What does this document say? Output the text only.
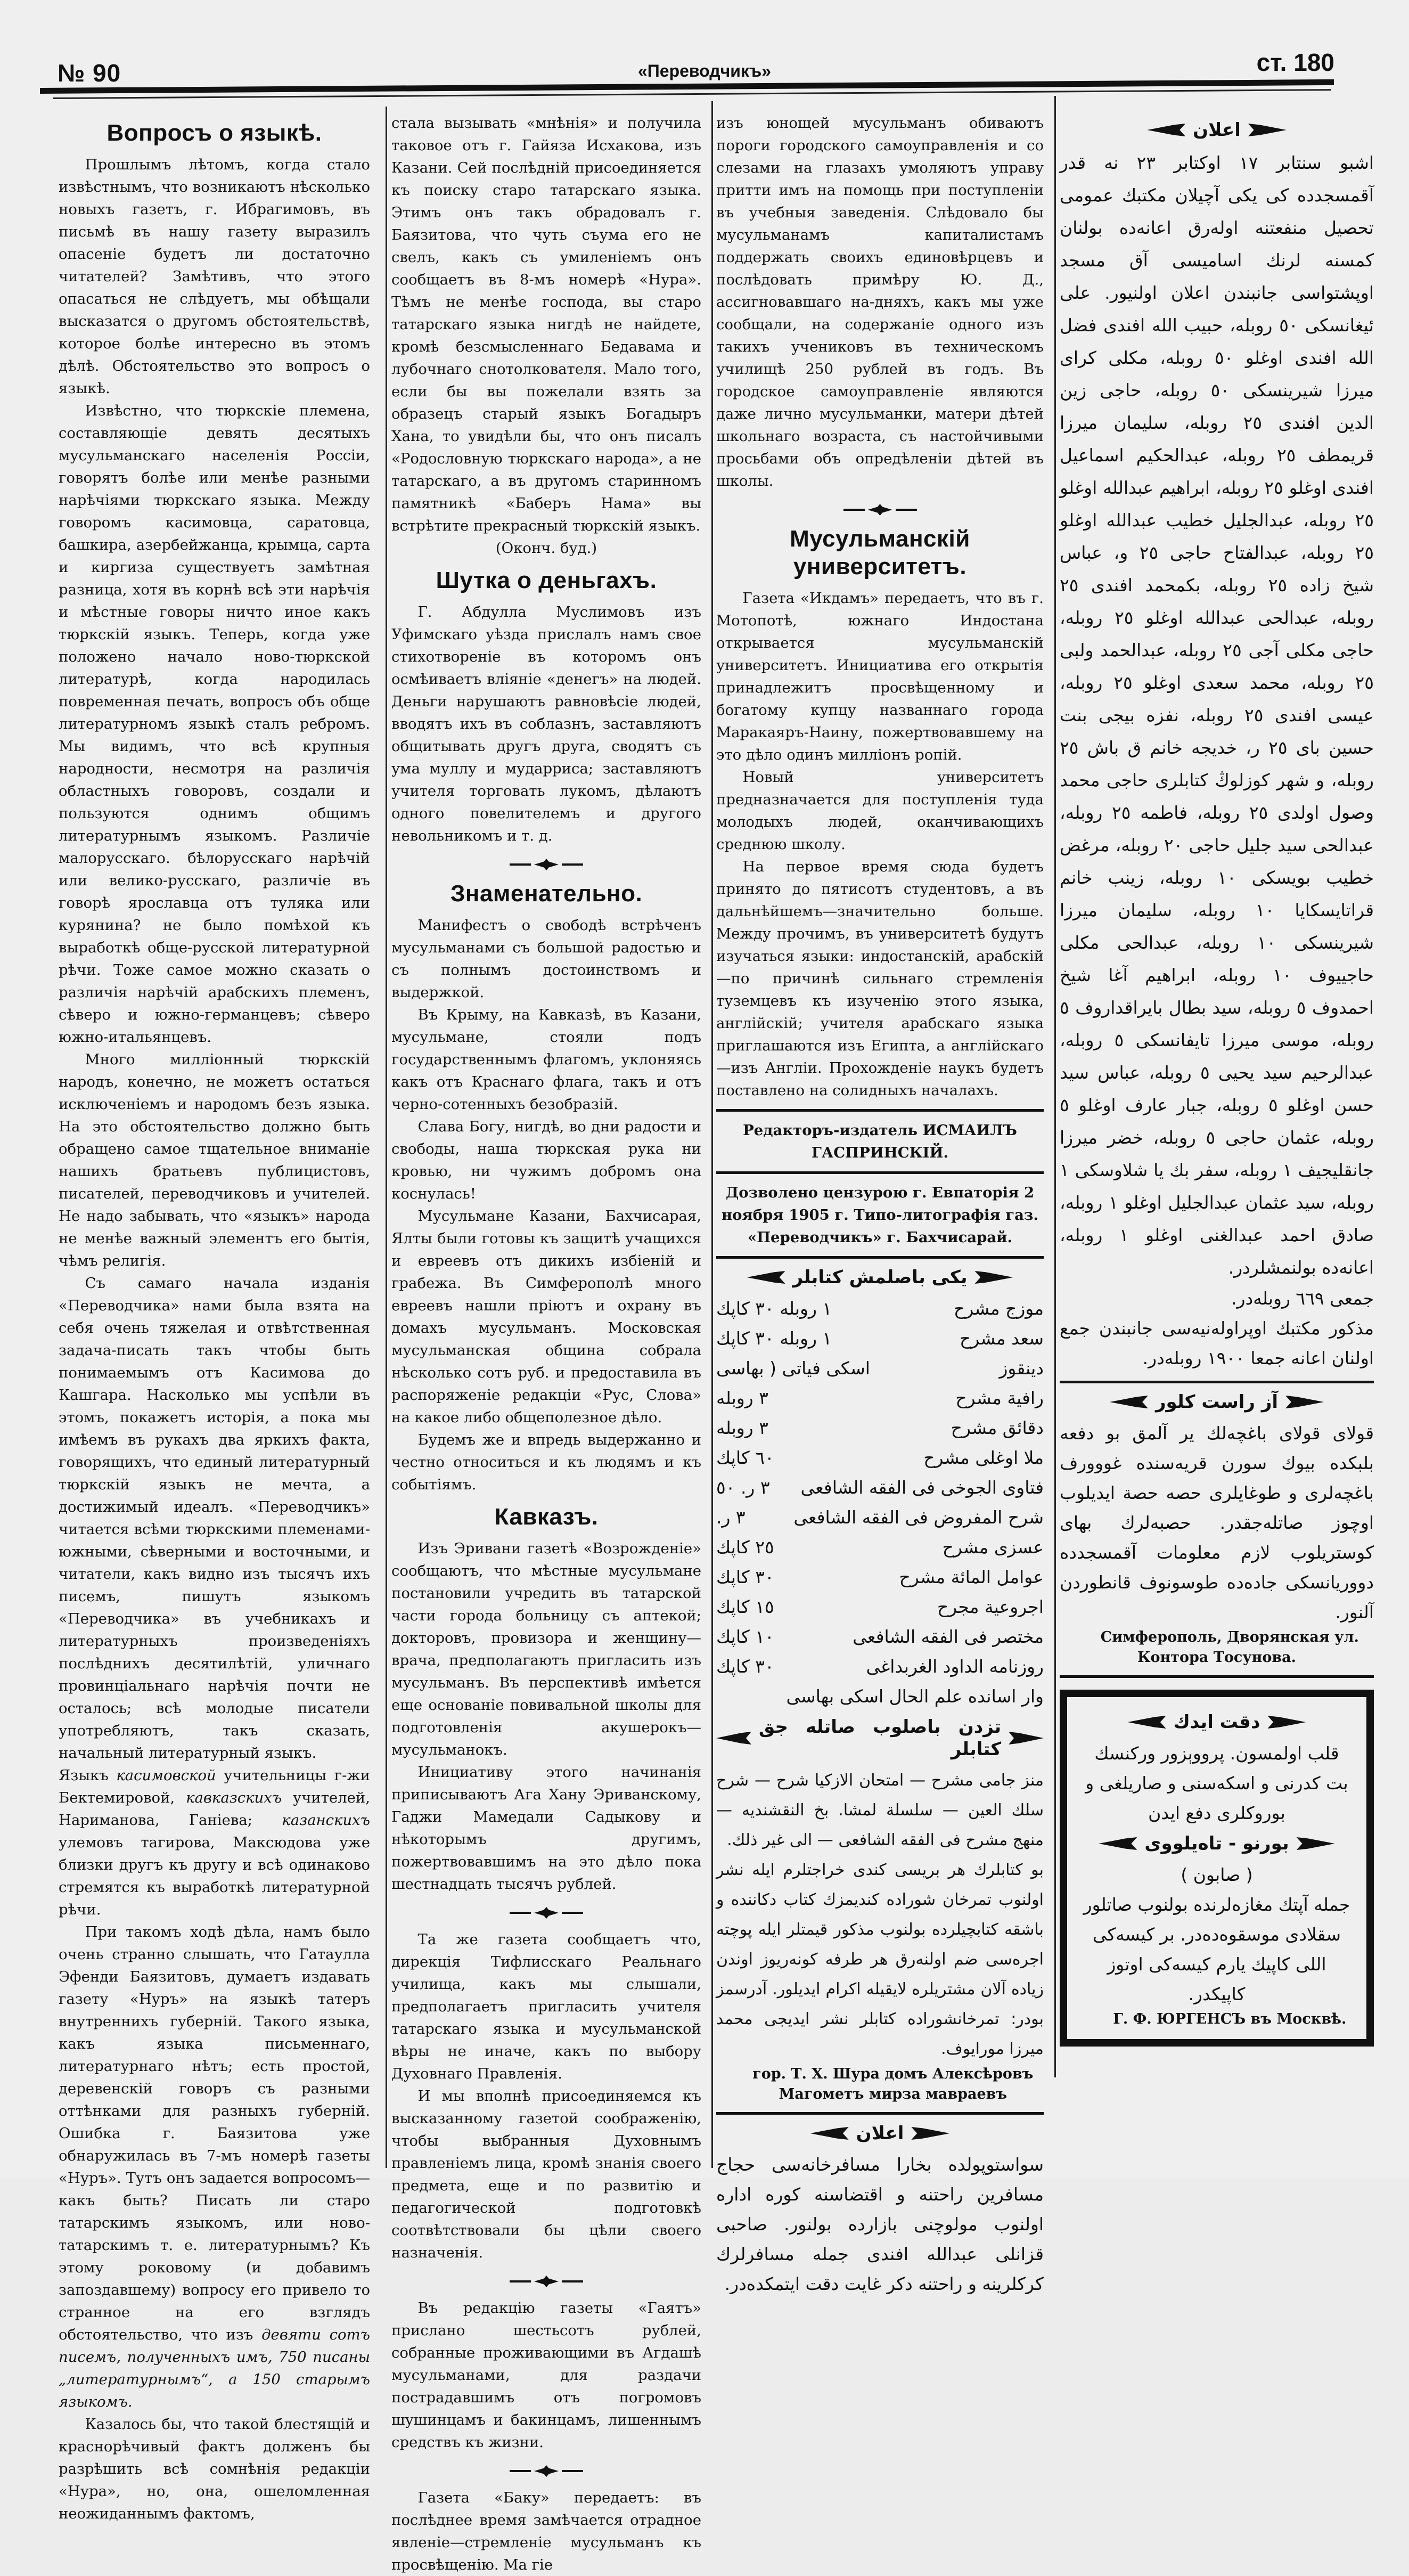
№ 90	«Переводчикъ»	ст. 180
Вопросъ о языкѣ.

Прошлымъ лѣтомъ, когда стало извѣстнымъ, что возникаютъ нѣсколько новыхъ газетъ, г. Ибрагимовъ, въ письмѣ въ нашу газету выразилъ опасеніе будетъ ли достаточно читателей? Замѣтивъ, что этого опасаться не слѣдуетъ, мы обѣщали высказатся о другомъ обстоятельствѣ, которое болѣе интересно въ этомъ дѣлѣ. Обстоятельство это вопросъ о языкѣ.

Извѣстно, что тюркскіе племена, составляющіе девять десятыхъ мусульманскаго населенія Россіи, говорятъ болѣе или менѣе разными нарѣчіями тюркскаго языка. Между говоромъ касимовца, саратовца, башкира, азербейжанца, крымца, сарта и киргиза существуетъ замѣтная разница, хотя въ корнѣ всѣ эти нарѣчія и мѣстные говоры ничто иное какъ тюркскій языкъ. Теперь, когда уже положено начало ново-тюркской литературѣ, когда народилась повременная печать, вопросъ объ обще литературномъ языкѣ сталъ ребромъ. Мы видимъ, что всѣ крупныя народности, несмотря на различія областныхъ говоровъ, создали и пользуются однимъ общимъ литературнымъ языкомъ. Различіе малорусскаго. бѣлорусскаго нарѣчій или велико-русскаго, различіе въ говорѣ ярославца отъ туляка или курянина? не было помѣхой къ выработкѣ обще-русской литературной рѣчи. Тоже самое можно сказать о различія нарѣчій арабскихъ племенъ, сѣверо и южно-германцевъ; сѣверо южно-итальянцевъ.

Много милліонный тюркскій народъ, конечно, не можетъ остаться исключеніемъ и народомъ безъ языка. На это обстоятельство должно быть обращено самое тщательное вниманіе нашихъ братьевъ публицистовъ, писателей, переводчиковъ и учителей. Не надо забывать, что «языкъ» народа не менѣе важный элементъ его бытія, чѣмъ религія.

Съ самаго начала изданія «Переводчика» нами была взята на себя очень тяжелая и отвѣтственная задача-писать такъ чтобы быть понимаемымъ отъ Касимова до Кашгара. Насколько мы успѣли въ этомъ, покажетъ исторія, а пока мы имѣемъ въ рукахъ два яркихъ факта, говорящихъ, что единый литературный тюркскій языкъ не мечта, а достижимый идеалъ. «Переводчикъ» читается всѣми тюркскими племенами-южными, сѣверными и восточными, и читатели, какъ видно изъ тысячъ ихъ писемъ, пишутъ языкомъ «Переводчика» въ учебникахъ и литературныхъ произведеніяхъ послѣднихъ десятилѣтій, уличнаго провинціальнаго нарѣчія почти не осталось; всѣ молодые писатели употребляютъ, такъ сказать, начальный литературный языкъ.

Языкъ касимовской учительницы г-жи Бектемировой, кавказскихъ учителей, Нариманова, Ганіева; казанскихъ улемовъ тагирова, Максюдова уже близки другъ къ другу и всѣ одинаково стремятся къ выработкѣ литературной рѣчи.

При такомъ ходѣ дѣла, намъ было очень странно слышать, что Гатаулла Эфенди Баязитовъ, думаетъ издавать газету «Нуръ» на языкѣ татеръ внутреннихъ губерній. Такого языка, какъ языка письменнаго, литературнаго нѣтъ; есть простой, деревенскій говоръ съ разными оттѣнками для разныхъ губерній. Ошибка г. Баязитова уже обнаружилась въ 7-мъ номерѣ газеты «Нуръ». Тутъ онъ задается вопросомъ—какъ быть? Писать ли старо татарскимъ языкомъ, или ново-татарскимъ т. е. литературнымъ? Къ этому роковому (и добавимъ запоздавшему) вопросу его привело то странное на его взглядъ обстоятельство, что изъ девяти сотъ писемъ, полученныхъ имъ, 750 писаны „литературнымъ“, а 150 старымъ языкомъ.

Казалось бы, что такой блестящій и краснорѣчивый фактъ долженъ бы разрѣшить всѣ сомнѣнія редакціи «Нура», но, она, ошеломленная неожиданнымъ фактомъ,

стала вызывать «мнѣнія» и получила таковое отъ г. Гайяза Исхакова, изъ Казани. Сей послѣдній присоединяется къ поиску старо татарскаго языка. Этимъ онъ такъ обрадовалъ г. Баязитова, что чуть съума его не свелъ, какъ съ умиленіемъ онъ сообщаетъ въ 8-мъ номерѣ «Нура». Тѣмъ не менѣе господа, вы старо татарскаго языка нигдѣ не найдете, кромѣ безсмысленнаго Бедавама и лубочнаго снотолкователя. Мало того, если бы вы пожелали взять за образецъ старый языкъ Богадыръ Хана, то увидѣли бы, что онъ писалъ «Родословную тюркскаго народа», а не татарскаго, а въ другомъ старинномъ памятникѣ «Баберъ Нама» вы встрѣтите прекрасный тюркскій языкъ.

(Оконч. буд.)

Шутка о деньгахъ.

Г. Абдулла Муслимовъ изъ Уфимскаго уѣзда прислалъ намъ свое стихотвореніе въ которомъ онъ осмѣиваетъ вліяніе «денегъ» на людей. Деньги нарушаютъ равновѣсіе людей, вводятъ ихъ въ соблазнъ, заставляютъ общитывать другъ друга, сводятъ съ ума муллу и мударриса; заставляютъ учителя торговать лукомъ, дѣлаютъ одного повелителемъ и другого невольникомъ и т. д.

Знаменательно.

Манифестъ о свободѣ встрѣченъ мусульманами съ большой радостью и съ полнымъ достоинствомъ и выдержкой.

Въ Крыму, на Кавказѣ, въ Казани, мусульмане, стояли подъ государственнымъ флагомъ, уклоняясь какъ отъ Краснаго флага, такъ и отъ черно-сотенныхъ безобразій.

Слава Богу, нигдѣ, во дни радости и свободы, наша тюркская рука ни кровью, ни чужимъ добромъ она коснулась!

Мусульмане Казани, Бахчисарая, Ялты были готовы къ защитѣ учащихся и евреевъ отъ дикихъ избіеній и грабежа. Въ Симферополѣ много евреевъ нашли пріютъ и охрану въ домахъ мусульманъ. Московская мусульманская община собрала нѣсколько сотъ руб. и предоставила въ распоряженіе редакціи «Рус, Слова» на какое либо общеполезное дѣло.

Будемъ же и впредь выдержанно и честно относиться и къ людямъ и къ событіямъ.

Кавказъ.

Изъ Эривани газетѣ «Возрожденіе» сообщаютъ, что мѣстные мусульмане постановили учредить въ татарской части города больницу съ аптекой; докторовъ, провизора и женщину—врача, предполагаютъ пригласить изъ мусульманъ. Въ перспективѣ имѣется еще основаніе повивальной школы для подготовленія акушерокъ—мусульманокъ.

Инициативу этого начинанія приписываютъ Ага Хану Эриванскому, Гаджи Мамедали Садыкову и нѣкоторымъ другимъ, пожертвовавшимъ на это дѣло пока шестнадцать тысячъ рублей.

Та же газета сообщаетъ что, дирекція Тифлисскаго Реальнаго училища, какъ мы слышали, предполагаетъ пригласить учителя татарскаго языка и мусульманской вѣры не иначе, какъ по выбору Духовнаго Правленія.

И мы вполнѣ присоединяемся къ высказанному газетой соображенію, чтобы выбранныя Духовнымъ правленіемъ лица, кромѣ знанія своего предмета, еще и по развитію и педагогической подготовкѣ соотвѣтствовали бы цѣли своего назначенія.

Въ редакцію газеты «Гаятъ» прислано шестьсотъ рублей, собранные проживающими въ Агдашѣ мусульманами, для раздачи пострадавшимъ отъ погромовъ шушинцамъ и бакинцамъ, лишеннымъ средствъ къ жизни.

Газета «Баку» передаетъ: въ послѣднее время замѣчается отрадное явленіе—стремленіе мусульманъ къ просвѣщенію. Ма гіе

изъ юнощей мусульманъ обиваютъ пороги городского самоуправленія и со слезами на глазахъ умоляютъ управу притти имъ на помощь при поступленіи въ учебныя заведенія. Слѣдовало бы мусульманамъ капиталистамъ поддержать своихъ единовѣрцевъ и послѣдовать примѣру Ю. Д., ассигновавшаго на-дняхъ, какъ мы уже сообщали, на содержаніе одного изъ такихъ учениковъ въ техническомъ училищѣ 250 рублей въ годъ. Въ городское самоуправленіе являются даже лично мусульманки, матери дѣтей школьнаго возраста, съ настойчивыми просьбами объ опредѣленіи дѣтей въ школы.

Мусульманскій университетъ.

Газета «Икдамъ» передаетъ, что въ г. Мотопотѣ, южнаго Индостана открывается мусульманскій университетъ. Инициатива его открытія принадлежитъ просвѣщенному и богатому купцу названнаго города Маракаяръ-Наину, пожертвовавшему на это дѣло одинъ милліонъ ропій.

Новый университетъ предназначается для поступленія туда молодыхъ людей, оканчивающихъ среднюю школу.

На первое время сюда будетъ принято до пятисотъ студентовъ, а въ дальнѣйшемъ—значительно больше. Между прочимъ, въ университетѣ будутъ изучаться языки: индостанскій, арабскій—по причинѣ сильнаго стремленія туземцевъ къ изученію этого языка, англійскій; учителя арабскаго языка приглашаются изъ Египта, а англійскаго—изъ Англіи. Прохожденіе наукъ будетъ поставлено на солидныхъ началахъ.

Редакторъ-издатель ИСМАИЛЪ ГАСПРИНСКІЙ.

Дозволено цензурою г. Евпаторія 2 ноября 1905 г. Типо-литографія газ. «Переводчикъ» г. Бахчисарай.

يكى باصلمش كتابلر
موزج مشرح
١ روبله ٣٠ كاپك
سعد مشرح
١ روبله ٣٠ كاپك
دينقوز
اسكى فياتى ( بهاسى
رافية مشرح
٣ روبله
دقائق مشرح
٣ روبله
ملا اوغلى مشرح
٦٠ كاپك
فتاوى الجوخى فى الفقه الشافعى
٣ ر. ٥٠
شرح المفروض فى الفقه الشافعى
٣ ر.
عسزى مشرح
٢٥ كاپك
عوامل المائة مشرح
٣٠ كاپك
اجروعية مجرح
١٥ كاپك
مختصر فى الفقه الشافعى
١٠ كاپك
روزنامه الداود الغربداغى
٣٠ كاپك

وار اسانده علم الحال اسكى بهاسى

تزدن باصلوب صاتله جق كتابلر

منز جامى مشرح — امتحان الازكيا شرح — شرح سلك العين — سلسلة لمشا. بخ النقشنديه — منهج مشرح فى الفقه الشافعى — الى غير ذلك.

بو كتابلرك هر بريسى كندى خراجتلرم ايله نشر اولنوب تمرخان شوراده كنديمزك كتاب دكاننده و باشقه كتابچيلرده بولنوب مذكور قيمتلر ايله پوچته اجرەسى ضم اولنەرق هر طرفه كونەريوز اوندن زياده آلان مشتريلرە لايقيله اكرام ايديلور. آدرسمز بودر: تمرخانشوراده كتابلر نشر ايديجى محمد ميرزا مورايوف.

гор. Т. Х. Шура домъ Алексѣровъ

Магометъ мирза мавраевъ

اعلان

سواستوپولده بخارا مسافرخانەسى حجاج مسافرين راحتنه و اقتضاسنه كوره اداره اولنوب مولوچنى بازارده بولنور. صاحبى قزانلى عبدالله افندى جمله مسافرلرك كركلرينه و راحتنه دكر غايت دقت ايتمكدەدر.

اعلان

اشبو سنتابر ١٧ اوكتابر ٢٣ نه قدر آقمسجدده كى يكى آچيلان مكتبك عمومى تحصيل منفعتنه اولەرق اعانەده بولنان كمسنه لرنك اساميسى آق مسجد اوپشتواسى جانبندن اعلان اولنيور. على ئيغانسكى ٥٠ روبله، حبيب الله افندى فضل الله افندى اوغلو ٥٠ روبله، مكلى كراى ميرزا شيرينسكى ٥٠ روبله، حاجى زين الدين افندى ٢٥ روبله، سليمان ميرزا قريمطف ٢٥ روبله، عبدالحكيم اسماعيل افندى اوغلو ٢٥ روبله، ابراهيم عبدالله اوغلو ٢٥ روبله، عبدالجليل خطيب عبدالله اوغلو ٢٥ روبله، عبدالفتاح حاجى ٢٥ و، عباس شيخ زاده ٢٥ روبله، بكمحمد افندى ٢٥ روبله، عبدالحى عبدالله اوغلو ٢٥ روبله، حاجى مكلى آجى ٢٥ روبله، عبدالحمد ولبى ٢٥ روبله، محمد سعدى اوغلو ٢٥ روبله، عيسى افندى ٢٥ روبله، نفزه بيجى بنت حسين باى ٢٥ ر، خديجه خانم ق باش ٢٥ روبله، و شهر كوزلوڭ كتابلرى حاجى محمد وصول اولدى ٢٥ روبله، فاطمه ٢٥ روبله، عبدالحى سيد جليل حاجى ٢٠ روبله، مرغض خطيب بويسكى ١٠ روبله، زينب خانم قراتايسكايا ١٠ روبله، سليمان ميرزا شيرينسكى ١٠ روبله، عبدالحى مكلى حاجييوف ١٠ روبله، ابراهيم آغا شيخ احمدوف ٥ روبله، سيد بطال بايراقداروف ٥ روبله، موسى ميرزا تايفانسكى ٥ روبله، عبدالرحيم سيد يحيى ٥ روبله، عباس سيد حسن اوغلو ٥ روبله، جبار عارف اوغلو ٥ روبله، عثمان حاجى ٥ روبله، خضر ميرزا جانقليجيف ١ روبله، سفر بك يا شلاوسكى ١ روبله، سيد عثمان عبدالجليل اوغلو ١ روبله، صادق احمد عبدالغنى اوغلو ١ روبله، اعانەده بولنمشلردر.

جمعى ٦٦٩ روبلەدر.

مذكور مكتبك اوپراولەنيەسى جانبندن جمع اولنان اعانه جمعا ١٩٠٠ روبلەدر.

آز راست كلور

قولاى قولاى باغچەلك ير آلمق بو دفعه بلبكده بيوك سورن قريەسنده غووورف باغچەلرى و طوغايلرى حصه حصة ايديلوب اوچوز صاتلەجقدر. حصبەلرك بهاى كوستريلوب لازم معلومات آقمسجدده دووريانسكى جادەده طوسونوف قانطوردن آلنور.

Симферополь, Дворянская ул. Контора Тосунова.

دقت ايدك

قلب اولمسون. پرووېزور وركنسك بت كدرنى و اسكەسنى و صاريلغى و بوروكلرى دفع ايدن

بورنو - تاەيلووى

( صابون )

جملە آپتك مغازەلرنده بولنوب صاتلور سقلادى موسقوەدەدر. بر كيسەكى اللى كاپيك يارم كيسەكى اوتوز كاپيكدر.

Г. Ф. ЮРГЕНСЪ въ Москвѣ.
